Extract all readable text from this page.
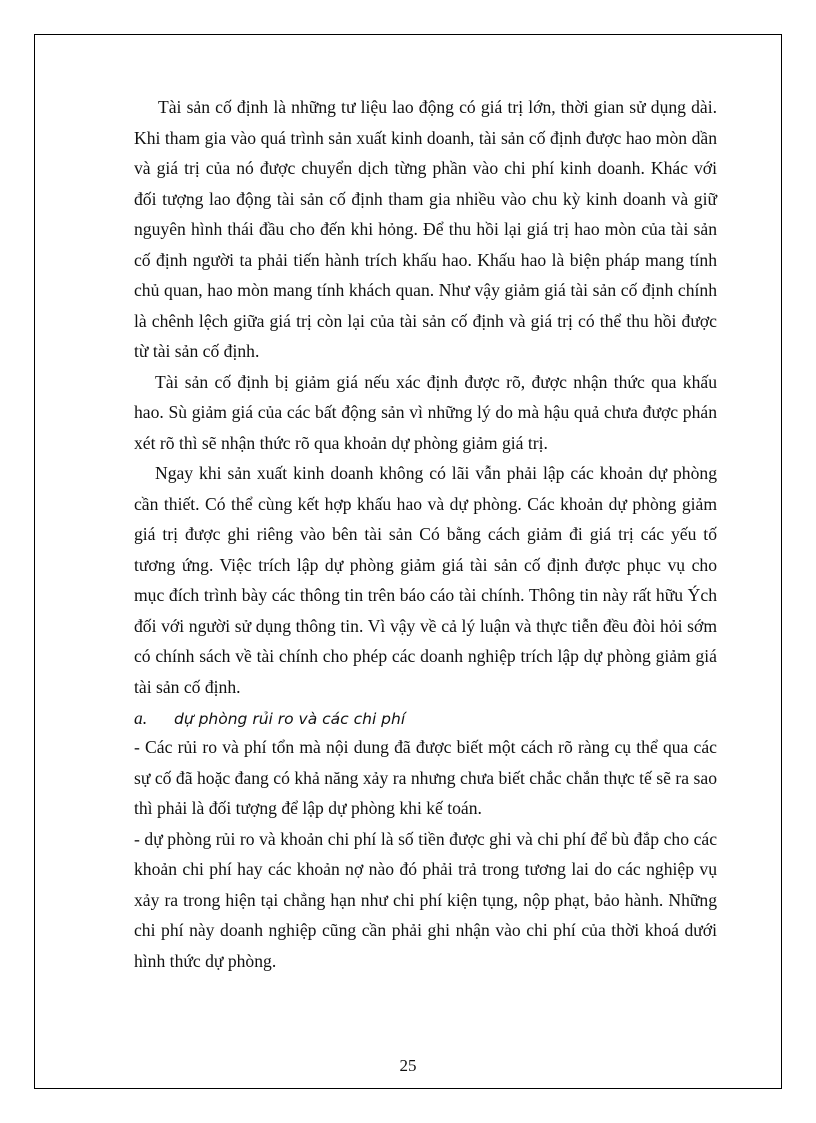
Tài sản cố định là những tư liệu lao động có giá trị lớn, thời gian sử dụng dài. Khi tham gia vào quá trình sản xuất kinh doanh, tài sản cố định được hao mòn dần và giá trị của nó được chuyển dịch từng phần vào chi phí kinh doanh. Khác với đối tượng lao động tài sản cố định tham gia nhiều vào chu kỳ kinh doanh và giữ nguyên hình thái đầu cho đến khi hỏng. Để thu hồi lại giá trị hao mòn của tài sản cố định người ta phải tiến hành trích khấu hao. Khấu hao là biện pháp mang tính chủ quan, hao mòn mang tính khách quan. Như vậy giảm giá tài sản cố định chính là chênh lệch giữa giá trị còn lại của tài sản cố định và giá trị có thể thu hồi được từ tài sản cố định.

Tài sản cố định bị giảm giá nếu xác định được rõ, được nhận thức qua khấu hao. Sù giảm giá của các bất động sản vì những lý do mà hậu quả chưa được phán xét rõ thì sẽ nhận thức rõ qua khoản dự phòng giảm giá trị.

Ngay khi sản xuất kinh doanh không có lãi vẫn phải lập các khoản dự phòng cần thiết. Có thể cùng kết hợp khấu hao và dự phòng. Các khoản dự phòng giảm giá trị được ghi riêng vào bên tài sản Có bằng cách giảm đi giá trị các yếu tố tương ứng. Việc trích lập dự phòng giảm giá tài sản cố định được phục vụ cho mục đích trình bày các thông tin trên báo cáo tài chính. Thông tin này rất hữu Ých đối với người sử dụng thông tin. Vì vậy về cả lý luận và thực tiễn đều đòi hỏi sớm có chính sách về tài chính cho phép các doanh nghiệp trích lập dự phòng giảm giá tài sản cố định.

a.	dự phòng rủi ro và các chi phí

- Các rủi ro và phí tổn mà nội dung đã được biết một cách rõ ràng cụ thể qua các sự cố đã hoặc đang có khả năng xảy ra nhưng chưa biết chắc chắn thực tế sẽ ra sao thì phải là đối tượng để lập dự phòng khi kế toán.

- dự phòng rủi ro và khoản chi phí là số tiền được ghi và chi phí để bù đắp cho các khoản chi phí hay các khoản nợ nào đó phải trả trong tương lai do các nghiệp vụ xảy ra trong hiện tại chẳng hạn như chi phí kiện tụng, nộp phạt, bảo hành. Những chi phí này doanh nghiệp cũng cần phải ghi nhận vào chi phí của thời khoá dưới hình thức dự phòng.

25
